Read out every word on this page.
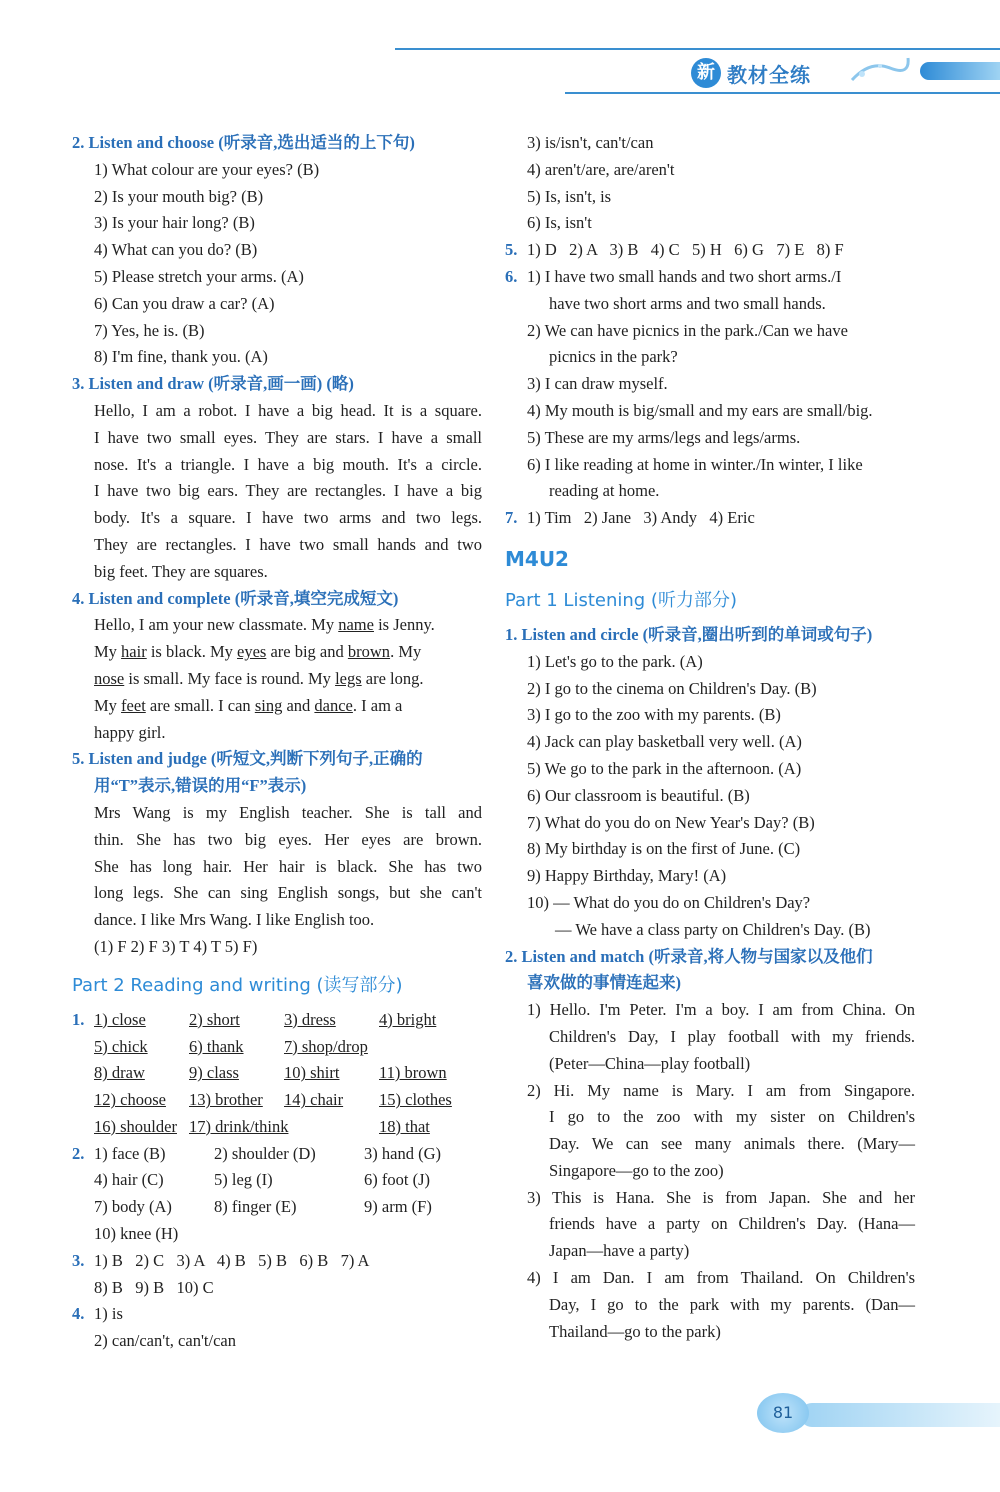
新 教材全练
2. Listen and choose (听录音,选出适当的上下句)
1) What colour are your eyes? (B)
2) Is your mouth big? (B)
3) Is your hair long? (B)
4) What can you do? (B)
5) Please stretch your arms. (A)
6) Can you draw a car? (A)
7) Yes, he is. (B)
8) I'm fine, thank you. (A)
3. Listen and draw (听录音,画一画) (略)
Hello, I am a robot. I have a big head. It is a square.
I have two small eyes. They are stars. I have a small
nose. It's a triangle. I have a big mouth. It's a circle.
I have two big ears. They are rectangles. I have a big
body. It's a square. I have two arms and two legs.
They are rectangles. I have two small hands and two
big feet. They are squares.
4. Listen and complete (听录音,填空完成短文)
Hello, I am your new classmate. My name is Jenny.
My hair is black. My eyes are big and brown. My
nose is small. My face is round. My legs are long.
My feet are small. I can sing and dance. I am a
happy girl.
5. Listen and judge (听短文,判断下列句子,正确的
用“T”表示,错误的用“F”表示)
Mrs Wang is my English teacher. She is tall and
thin. She has two big eyes. Her eyes are brown.
She has long hair. Her hair is black. She has two
long legs. She can sing English songs, but she can't
dance. I like Mrs Wang. I like English too.
(1) F 2) F 3) T 4) T 5) F)
Part 2 Reading and writing (读写部分)
1. 1) close	2) short	3) dress	4) bright
5) chick	6) thank	7) shop/drop
8) draw	9) class	10) shirt	11) brown
12) choose	13) brother	14) chair	15) clothes
16) shoulder 17) drink/think	18) that
2. 1) face (B)	2) shoulder (D)	3) hand (G)
4) hair (C)	5) leg (I)	6) foot (J)
7) body (A)	8) finger (E)	9) arm (F)
10) knee (H)
3. 1) B   2) C   3) A   4) B   5) B   6) B   7) A
8) B   9) B   10) C
4. 1) is
2) can/can't, can't/can
3) is/isn't, can't/can
4) aren't/are, are/aren't
5) Is, isn't, is
6) Is, isn't
5. 1) D   2) A   3) B   4) C   5) H   6) G   7) E   8) F
6. 1) I have two small hands and two short arms./I
have two short arms and two small hands.
2) We can have picnics in the park./Can we have
picnics in the park?
3) I can draw myself.
4) My mouth is big/small and my ears are small/big.
5) These are my arms/legs and legs/arms.
6) I like reading at home in winter./In winter, I like
reading at home.
7. 1) Tim   2) Jane   3) Andy   4) Eric
M4U2
Part 1 Listening (听力部分)
1. Listen and circle (听录音,圈出听到的单词或句子)
1) Let's go to the park. (A)
2) I go to the cinema on Children's Day. (B)
3) I go to the zoo with my parents. (B)
4) Jack can play basketball very well. (A)
5) We go to the park in the afternoon. (A)
6) Our classroom is beautiful. (B)
7) What do you do on New Year's Day? (B)
8) My birthday is on the first of June. (C)
9) Happy Birthday, Mary! (A)
10) — What do you do on Children's Day?
— We have a class party on Children's Day. (B)
2. Listen and match (听录音,将人物与国家以及他们
喜欢做的事情连起来)
1) Hello. I'm Peter. I'm a boy. I am from China. On
Children's Day, I play football with my friends.
(Peter—China—play football)
2) Hi. My name is Mary. I am from Singapore.
I go to the zoo with my sister on Children's
Day. We can see many animals there. (Mary—
Singapore—go to the zoo)
3) This is Hana. She is from Japan. She and her
friends have a party on Children's Day. (Hana—
Japan—have a party)
4) I am Dan. I am from Thailand. On Children's
Day, I go to the park with my parents. (Dan—
Thailand—go to the park)
81
